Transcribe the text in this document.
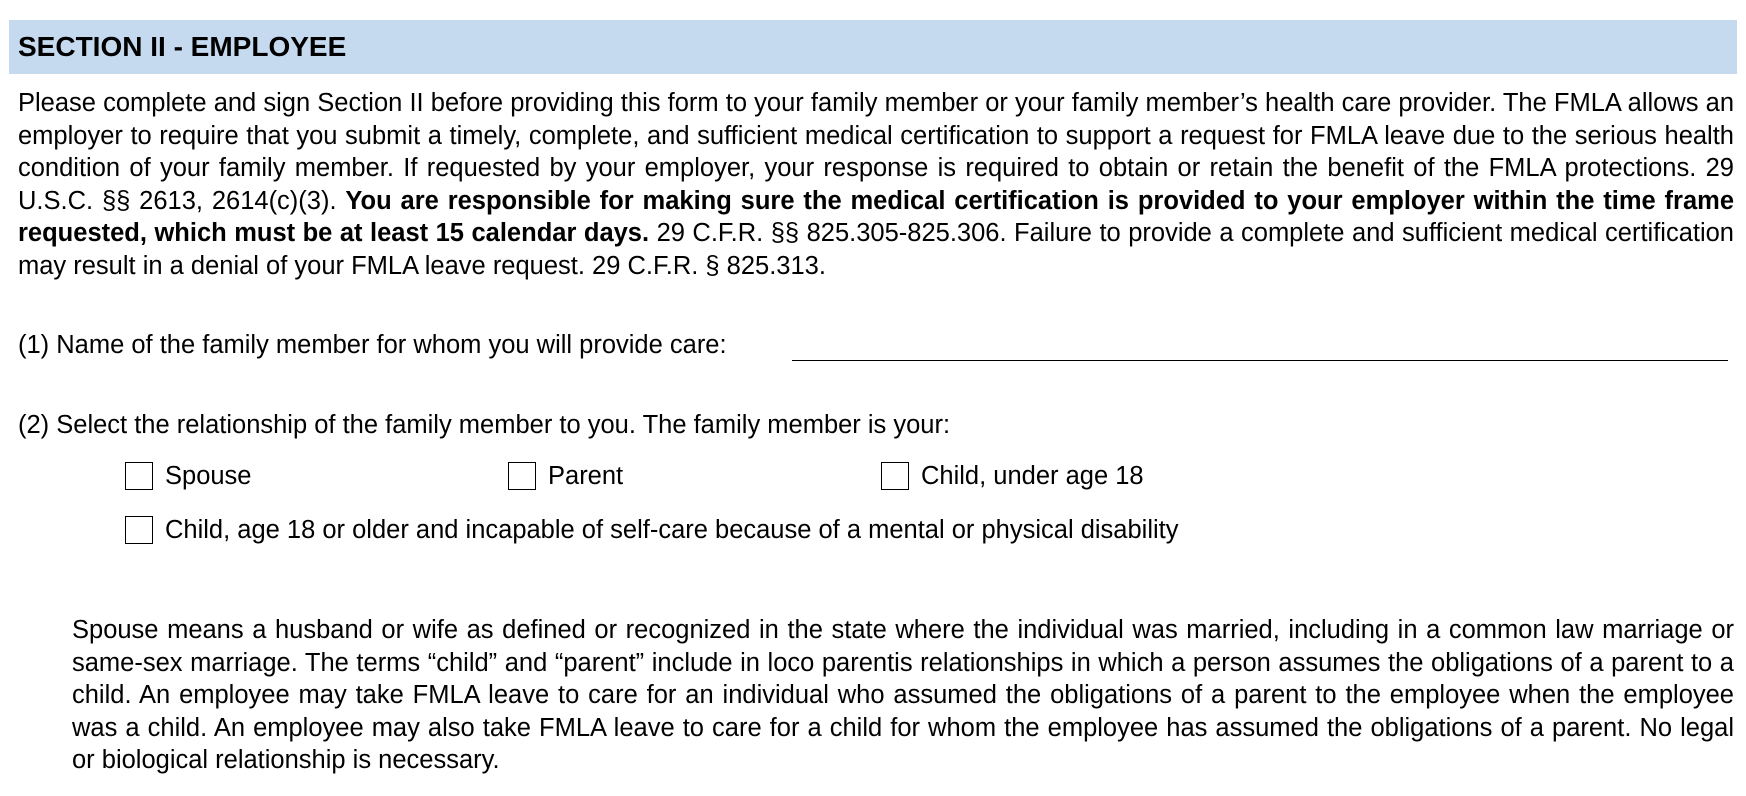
SECTION II - EMPLOYEE

Please complete and sign Section II before providing this form to your family member or your family member’s health care provider. The FMLA allows an employer to require that you submit a timely, complete, and sufficient medical certification to support a request for FMLA leave due to the serious health condition of your family member. If requested by your employer, your response is required to obtain or retain the benefit of the FMLA protections. 29 U.S.C. §§ 2613, 2614(c)(3). You are responsible for making sure the medical certification is provided to your employer within the time frame requested, which must be at least 15 calendar days. 29 C.F.R. §§ 825.305-825.306. Failure to provide a complete and sufficient medical certification may result in a denial of your FMLA leave request. 29 C.F.R. § 825.313.

(1) Name of the family member for whom you will provide care:
(2) Select the relationship of the family member to you. The family member is your:
Spouse	Parent	Child, under age 18
Child, age 18 or older and incapable of self-care because of a mental or physical disability

Spouse means a husband or wife as defined or recognized in the state where the individual was married, including in a common law marriage or same-sex marriage. The terms “child” and “parent” include in loco parentis relationships in which a person assumes the obligations of a parent to a child. An employee may take FMLA leave to care for an individual who assumed the obligations of a parent to the employee when the employee was a child. An employee may also take FMLA leave to care for a child for whom the employee has assumed the obligations of a parent. No legal or biological relationship is necessary.
